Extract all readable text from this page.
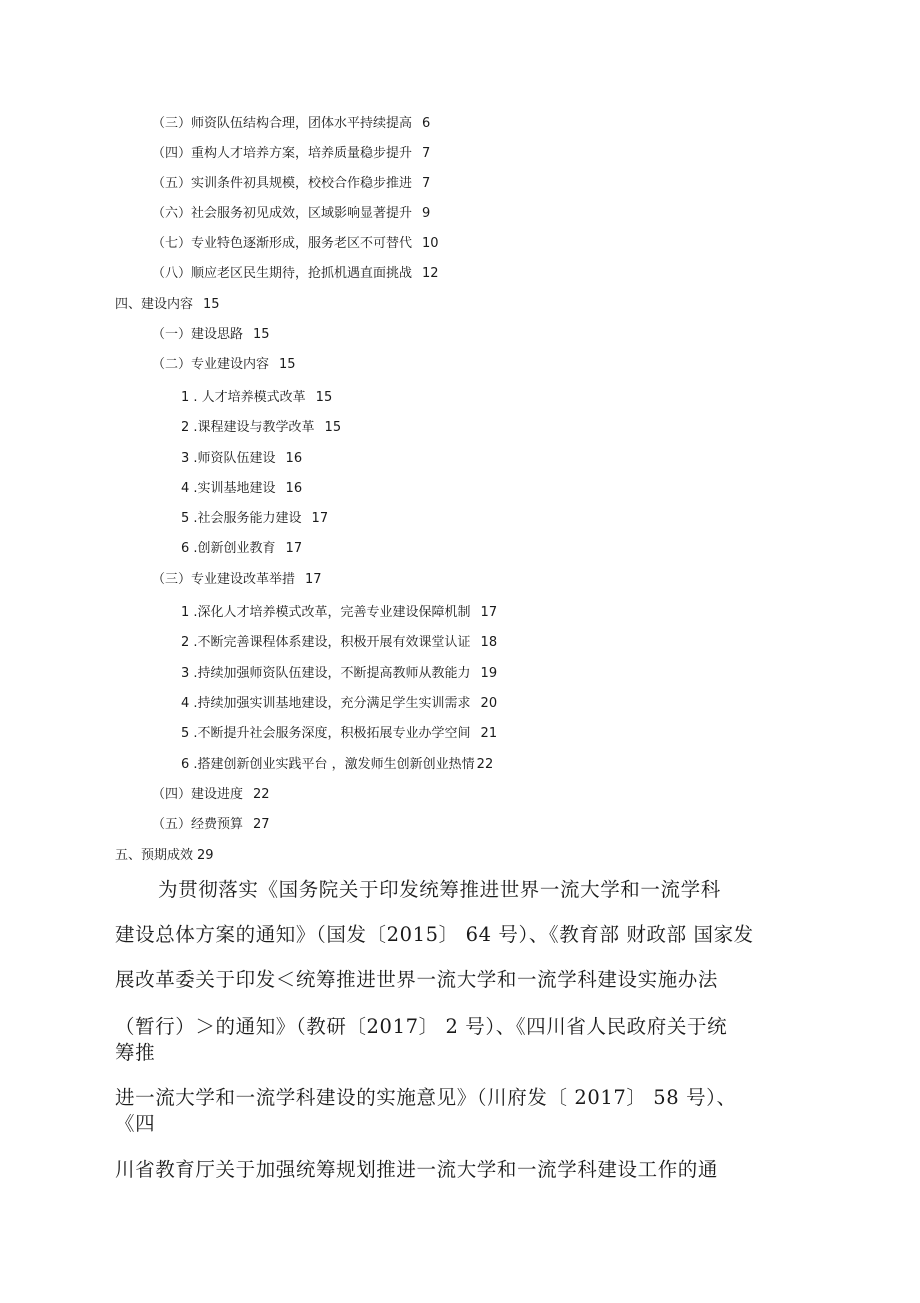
（三）师资队伍结构合理，团体水平持续提高 6
（四）重构人才培养方案，培养质量稳步提升 7
（五）实训条件初具规模，校校合作稳步推进 7
（六）社会服务初见成效，区域影响显著提升 9
（七）专业特色逐渐形成，服务老区不可替代 10
（八）顺应老区民生期待，抢抓机遇直面挑战 12
四、建设内容 15
（一）建设思路 15
（二）专业建设内容 15
1 . 人才培养模式改革 15
2 .课程建设与教学改革 15
3 .师资队伍建设 16
4 .实训基地建设 16
5 .社会服务能力建设 17
6 .创新创业教育 17
（三）专业建设改革举措 17
1 .深化人才培养模式改革，完善专业建设保障机制 17
2 .不断完善课程体系建设，积极开展有效课堂认证 18
3 .持续加强师资队伍建设，不断提高教师从教能力 19
4 .持续加强实训基地建设，充分满足学生实训需求 20
5 .不断提升社会服务深度，积极拓展专业办学空间 21
6 .搭建创新创业实践平台 ，激发师生创新创业热情 22
（四）建设进度 22
（五）经费预算 27
五、预期成效 29
为贯彻落实《国务院关于印发统筹推进世界一流大学和一流学科
建设总体方案的通知》（国发〔2015〕 64 号）、《教育部 财政部 国家发
展改革委关于印发＜统筹推进世界一流大学和一流学科建设实施办法
（暂行）＞的通知》（教研〔2017〕 2 号）、《四川省人民政府关于统
筹推
进一流大学和一流学科建设的实施意见》（川府发〔 2017〕 58 号）、
《四
川省教育厅关于加强统筹规划推进一流大学和一流学科建设工作的通
